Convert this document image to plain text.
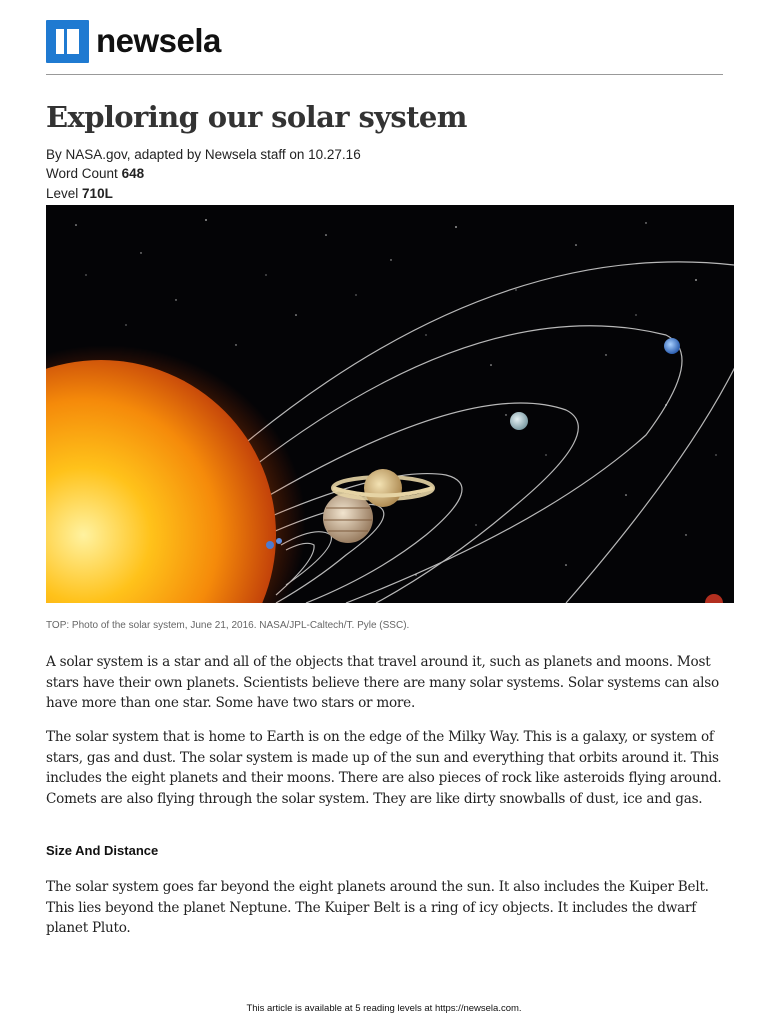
newsela
Exploring our solar system
By NASA.gov, adapted by Newsela staff on 10.27.16
Word Count 648
Level 710L
TOP: Photo of the solar system, June 21, 2016. NASA/JPL-Caltech/T. Pyle (SSC).

A solar system is a star and all of the objects that travel around it, such as planets and moons. Most stars have their own planets. Scientists believe there are many solar systems. Solar systems can also have more than one star. Some have two stars or more.

The solar system that is home to Earth is on the edge of the Milky Way. This is a galaxy, or system of stars, gas and dust. The solar system is made up of the sun and everything that orbits around it. This includes the eight planets and their moons. There are also pieces of rock like asteroids flying around. Comets are also flying through the solar system. They are like dirty snowballs of dust, ice and gas.

Size And Distance

The solar system goes far beyond the eight planets around the sun. It also includes the Kuiper Belt. This lies beyond the planet Neptune. The Kuiper Belt is a ring of icy objects. It includes the dwarf planet Pluto.

This article is available at 5 reading levels at https://newsela.com.
